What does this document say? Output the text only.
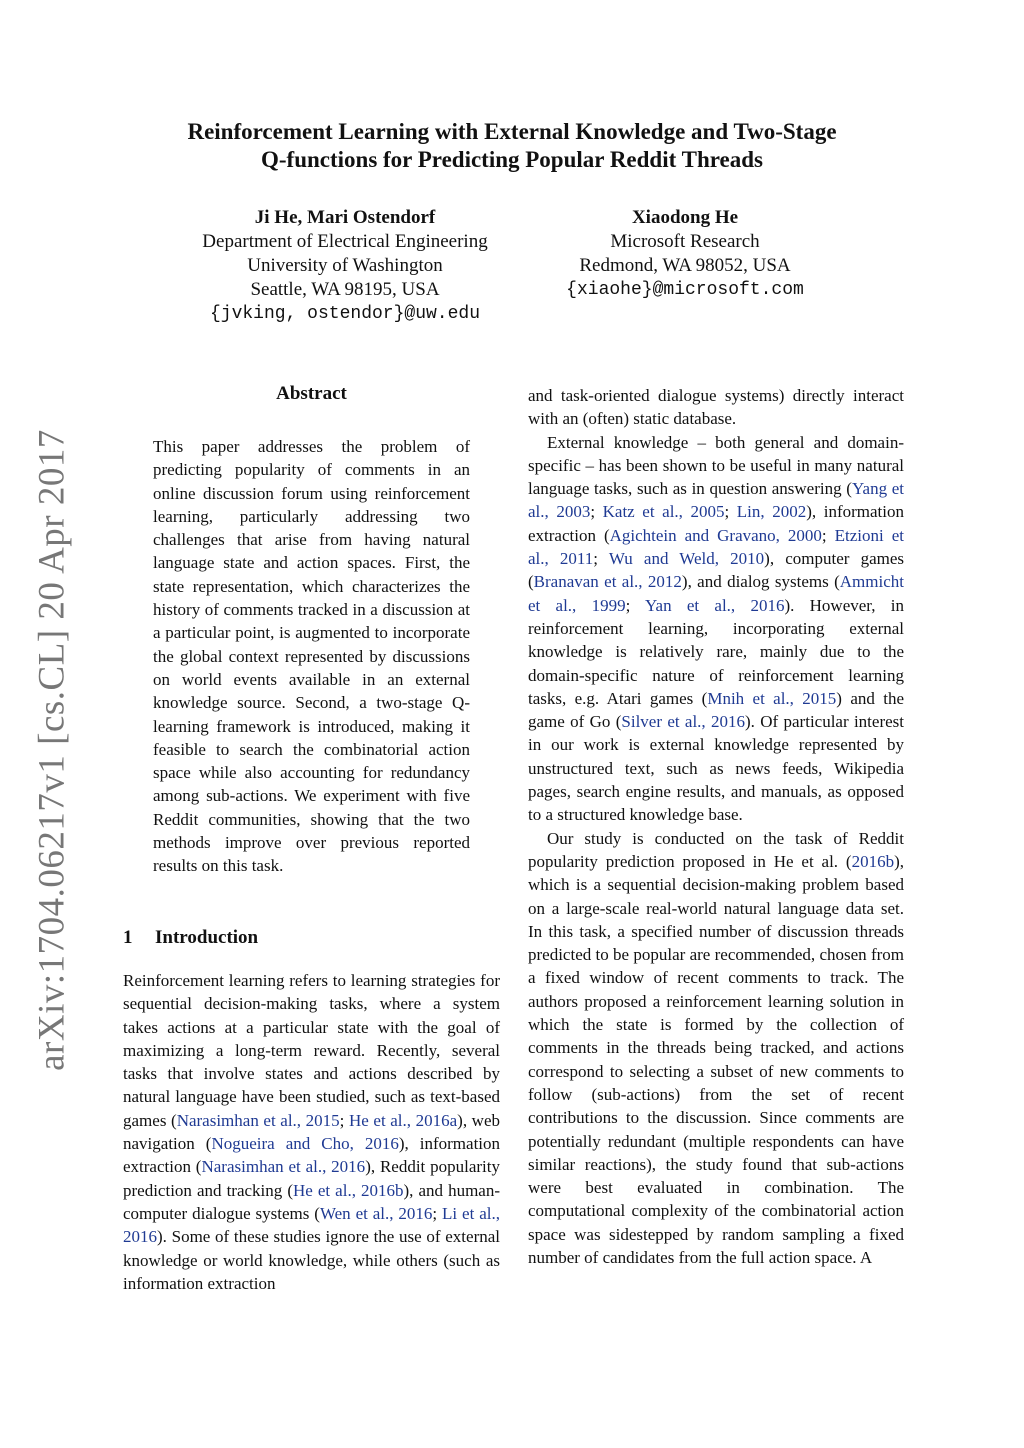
Reinforcement Learning with External Knowledge and Two-Stage
Q-functions for Predicting Popular Reddit Threads
Ji He, Mari Ostendorf
Department of Electrical Engineering
University of Washington
Seattle, WA 98195, USA
{jvking, ostendor}@uw.edu
Xiaodong He
Microsoft Research
Redmond, WA 98052, USA
{xiaohe}@microsoft.com
arXiv:1704.06217v1 [cs.CL] 20 Apr 2017
Abstract

This paper addresses the problem of predicting popularity of comments in an online discussion forum using reinforcement learning, particularly addressing two challenges that arise from having natural language state and action spaces. First, the state representation, which characterizes the history of comments tracked in a discussion at a particular point, is augmented to incorporate the global context represented by discussions on world events available in an external knowledge source. Second, a two-stage Q-learning framework is introduced, making it feasible to search the combinatorial action space while also accounting for redundancy among sub-actions. We experiment with five Reddit communities, showing that the two methods improve over previous reported results on this task.

1 Introduction

Reinforcement learning refers to learning strategies for sequential decision-making tasks, where a system takes actions at a particular state with the goal of maximizing a long-term reward. Recently, several tasks that involve states and actions described by natural language have been studied, such as text-based games (Narasimhan et al., 2015; He et al., 2016a), web navigation (Nogueira and Cho, 2016), information extraction (Narasimhan et al., 2016), Reddit popularity prediction and tracking (He et al., 2016b), and human-computer dialogue systems (Wen et al., 2016; Li et al., 2016). Some of these studies ignore the use of external knowledge or world knowledge, while others (such as information extraction

and task-oriented dialogue systems) directly interact with an (often) static database.

External knowledge – both general and domain-specific – has been shown to be useful in many natural language tasks, such as in question answering (Yang et al., 2003; Katz et al., 2005; Lin, 2002), information extraction (Agichtein and Gravano, 2000; Etzioni et al., 2011; Wu and Weld, 2010), computer games (Branavan et al., 2012), and dialog systems (Ammicht et al., 1999; Yan et al., 2016). However, in reinforcement learning, incorporating external knowledge is relatively rare, mainly due to the domain-specific nature of reinforcement learning tasks, e.g. Atari games (Mnih et al., 2015) and the game of Go (Silver et al., 2016). Of particular interest in our work is external knowledge represented by unstructured text, such as news feeds, Wikipedia pages, search engine results, and manuals, as opposed to a structured knowledge base.

Our study is conducted on the task of Reddit popularity prediction proposed in He et al. (2016b), which is a sequential decision-making problem based on a large-scale real-world natural language data set. In this task, a specified number of discussion threads predicted to be popular are recommended, chosen from a fixed window of recent comments to track. The authors proposed a reinforcement learning solution in which the state is formed by the collection of comments in the threads being tracked, and actions correspond to selecting a subset of new comments to follow (sub-actions) from the set of recent contributions to the discussion. Since comments are potentially redundant (multiple respondents can have similar reactions), the study found that sub-actions were best evaluated in combination. The computational complexity of the combinatorial action space was sidestepped by random sampling a fixed number of candidates from the full action space. A
